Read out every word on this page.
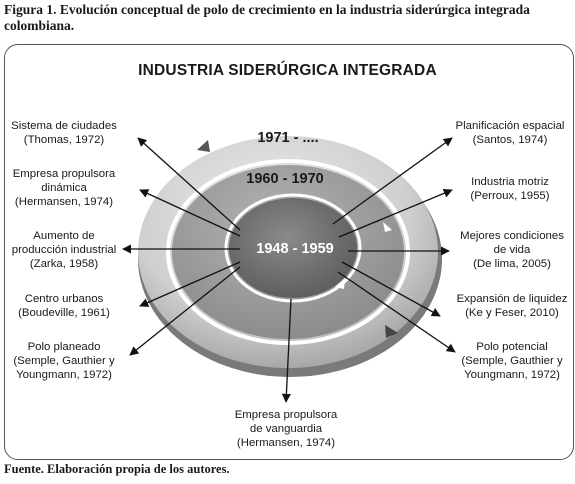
Figura 1. Evolución conceptual de polo de crecimiento en la industria siderúrgica integrada
colombiana.
INDUSTRIA SIDERÚRGICA INTEGRADA
1971 - ....
1960 - 1970
1948 - 1959
Sistema de ciudades
(Thomas, 1972)
Empresa propulsora
dinámica
(Hermansen, 1974)
Aumento de
producción industrial
(Zarka, 1958)
Centro urbanos
(Boudeville, 1961)
Polo planeado
(Semple, Gauthier y
Youngmann, 1972)
Empresa propulsora
de vanguardia
(Hermansen, 1974)
Planificación espacial
(Santos, 1974)
Industria motriz
(Perroux, 1955)
Mejores condiciones
de vida
(De lima, 2005)
Expansión de liquidez
(Ke y Feser, 2010)
Polo potencial
(Semple, Gauthier y
Youngmann, 1972)
Fuente. Elaboración propia de los autores.
